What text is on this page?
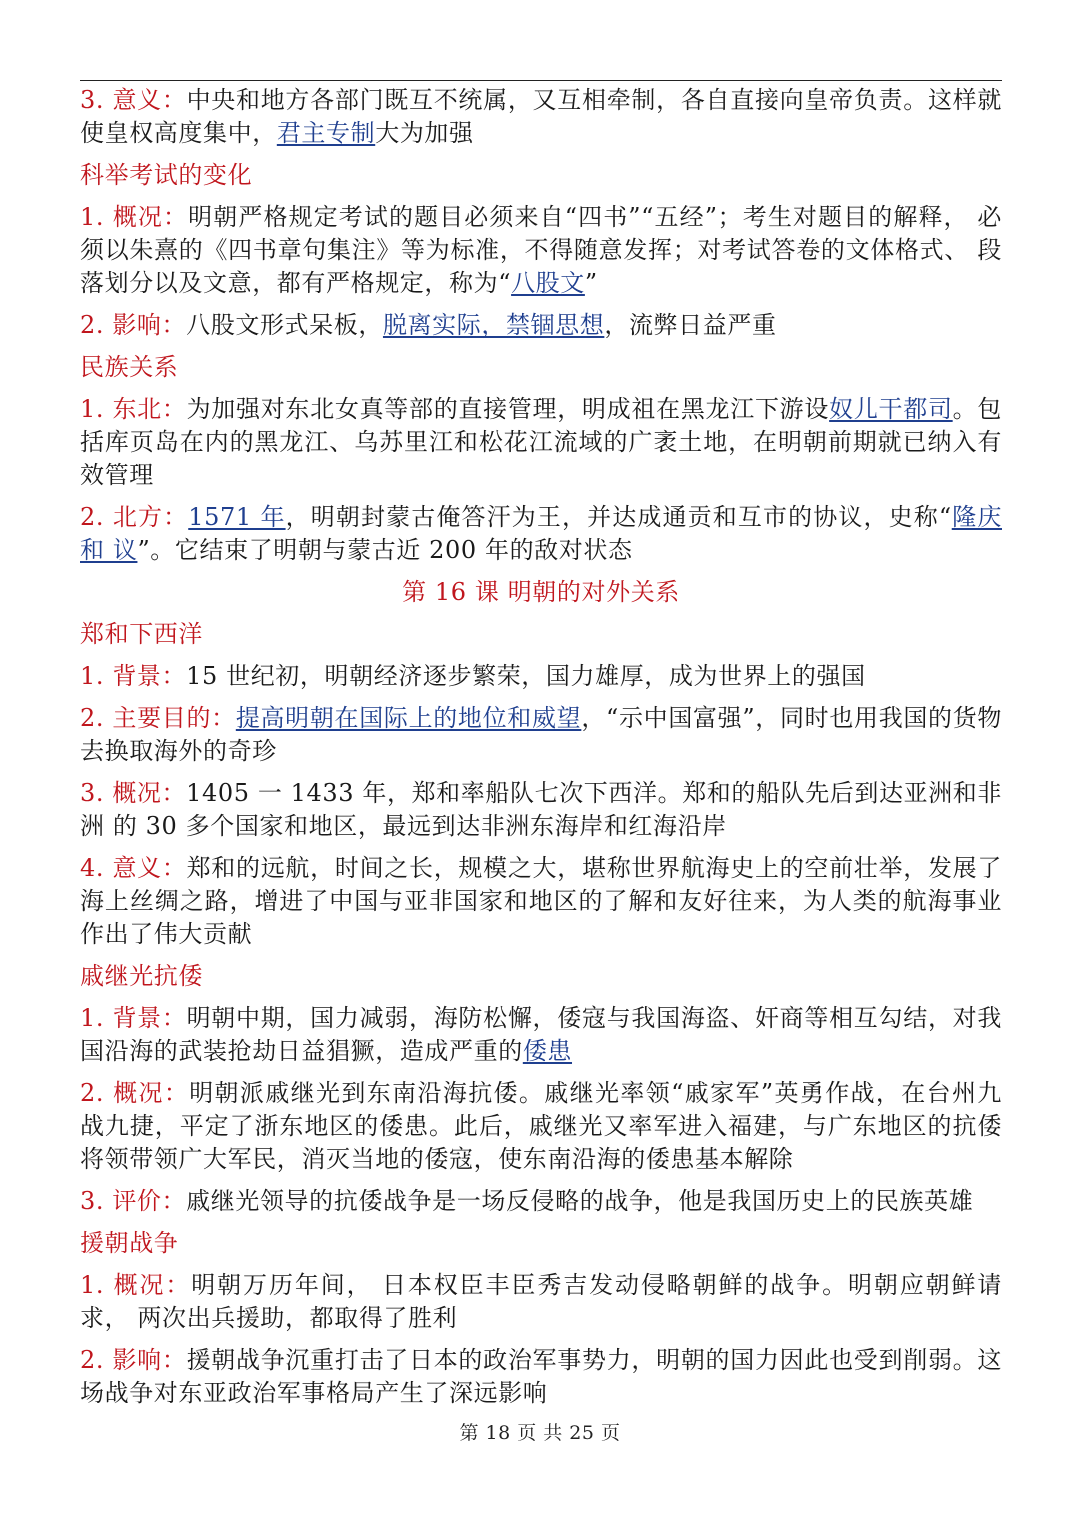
3. 意义：中央和地方各部门既互不统属，又互相牵制，各自直接向皇帝负责。这样就 使皇权高度集中，君主专制大为加强

科举考试的变化

1. 概况：明朝严格规定考试的题目必须来自“四书”“五经”；考生对题目的解释， 必须以朱熹的《四书章句集注》等为标准，不得随意发挥；对考试答卷的文体格式、 段落划分以及文意，都有严格规定，称为“八股文”

2. 影响：八股文形式呆板，脱离实际，禁锢思想，流弊日益严重

民族关系

1. 东北：为加强对东北女真等部的直接管理，明成祖在黑龙江下游设奴儿干都司。包 括库页岛在内的黑龙江、乌苏里江和松花江流域的广袤土地，在明朝前期就已纳入有 效管理

2. 北方：1571 年，明朝封蒙古俺答汗为王，并达成通贡和互市的协议，史称“隆庆和 议”。它结束了明朝与蒙古近 200 年的敌对状态

第 16 课 明朝的对外关系
郑和下西洋

1. 背景：15 世纪初，明朝经济逐步繁荣，国力雄厚，成为世界上的强国

2. 主要目的：提高明朝在国际上的地位和威望，“示中国富强”，同时也用我国的货物 去换取海外的奇珍

3. 概况：1405 一 1433 年，郑和率船队七次下西洋。郑和的船队先后到达亚洲和非洲 的 30 多个国家和地区，最远到达非洲东海岸和红海沿岸

4. 意义：郑和的远航，时间之长，规模之大，堪称世界航海史上的空前壮举，发展了 海上丝绸之路，增进了中国与亚非国家和地区的了解和友好往来，为人类的航海事业 作出了伟大贡献

戚继光抗倭

1. 背景：明朝中期，国力减弱，海防松懈，倭寇与我国海盗、奸商等相互勾结，对我 国沿海的武装抢劫日益猖獗，造成严重的倭患

2. 概况：明朝派戚继光到东南沿海抗倭。戚继光率领“戚家军”英勇作战，在台州九 战九捷，平定了浙东地区的倭患。此后，戚继光又率军进入福建，与广东地区的抗倭 将领带领广大军民，消灭当地的倭寇，使东南沿海的倭患基本解除

3. 评价：戚继光领导的抗倭战争是一场反侵略的战争，他是我国历史上的民族英雄

援朝战争

1. 概况：明朝万历年间， 日本权臣丰臣秀吉发动侵略朝鲜的战争。明朝应朝鲜请求， 两次出兵援助，都取得了胜利

2. 影响：援朝战争沉重打击了日本的政治军事势力，明朝的国力因此也受到削弱。这 场战争对东亚政治军事格局产生了深远影响

第 18 页 共 25 页
